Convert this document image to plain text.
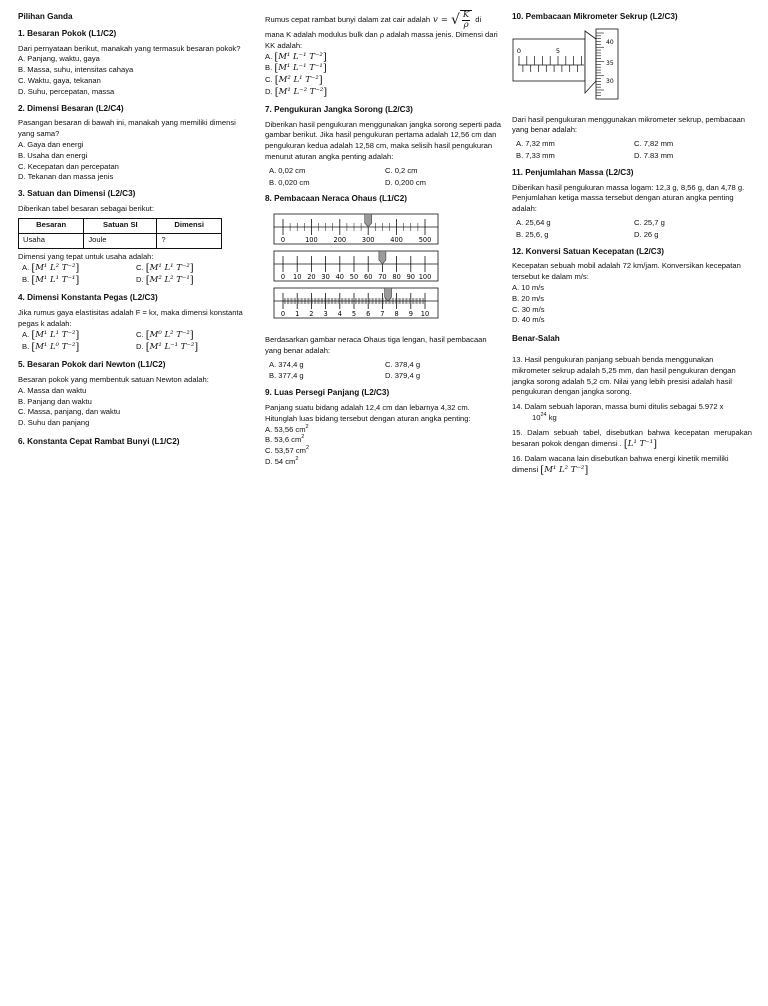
Pilihan Ganda
1. Besaran Pokok (L1/C2)

Dari pernyataan berikut, manakah yang termasuk besaran pokok?

A. Panjang, waktu, gaya
B. Massa, suhu, intensitas cahaya
C. Waktu, gaya, tekanan
D. Suhu, percepatan, massa
2. Dimensi Besaran (L2/C4)

Pasangan besaran di bawah ini, manakah yang memiliki dimensi yang sama?

A. Gaya dan energi
B. Usaha dan energi
C. Kecepatan dan percepatan
D. Tekanan dan massa jenis
3. Satuan dan Dimensi (L2/C3)

Diberikan tabel besaran sebagai berikut:

Besaran	Satuan SI	Dimensi
Usaha	Joule	?

Dimensi yang tepat untuk usaha adalah:

A. [M¹ L² T⁻²]	C. [M¹ L¹ T⁻²]
B. [M¹ L¹ T⁻¹]	D. [M² L² T⁻¹]
4. Dimensi Konstanta Pegas (L2/C3)

Jika rumus gaya elastisitas adalah F = kx, maka dimensi konstanta pegas k adalah:

A. [M¹ L¹ T⁻²]	C. [M⁰ L² T⁻²]
B. [M¹ L⁰ T⁻²]	D. [M¹ L⁻¹ T⁻²]
5. Besaran Pokok dari Newton (L1/C2)

Besaran pokok yang membentuk satuan Newton adalah:

A. Massa dan waktu
B. Panjang dan waktu
C. Massa, panjang, dan waktu
D. Suhu dan panjang
6. Konstanta Cepat Rambat Bunyi (L1/C2)
Rumus cepat rambat bunyi dalam zat cair adalah v = √ K
ρ
di

mana K adalah modulus bulk dan ρ adalah massa jenis. Dimensi dari KK adalah:

A. [M¹ L⁻¹ T⁻²]
B. [M¹ L⁻¹ T⁻¹]
C. [M² L¹ T⁻²]
D. [M¹ L⁻² T⁻²]
7. Pengukuran Jangka Sorong (L2/C3)

Diberikan hasil pengukuran menggunakan jangka sorong seperti pada gambar berikut. Jika hasil pengukuran pertama adalah 12,56 cm dan pengukuran kedua adalah 12,58 cm, maka selisih hasil pengukuran menurut aturan angka penting adalah:

A. 0,02 cm	C. 0,2 cm
B. 0,020 cm	D. 0,200 cm
8. Pembacaan Neraca Ohaus (L1/C2)
0	100 200 300 400 500
0 10 20 30 40 50 60 70 80 90 100
0 1 2 3 4 5 6 7 8 9 10

Berdasarkan gambar neraca Ohaus tiga lengan, hasil pembacaan yang benar adalah:

A. 374,4 g	C. 378,4 g
B. 377,4 g	D. 379,4 g
9. Luas Persegi Panjang (L2/C3)

Panjang suatu bidang adalah 12,4 cm dan lebarnya 4,32 cm. Hitunglah luas bidang tersebut dengan aturan angka penting:

A. 53,56 $cm^2$
B. 53,6 $cm^2$
C. 53,57 $cm^2$
D. 54 $cm^2$
10. Pembacaan Mikrometer Sekrup (L2/C3)
0	5
40
35
30

Dari hasil pengukuran menggunakan mikrometer sekrup, pembacaan yang benar adalah:

A. 7,32 mm	C. 7,82 mm
B. 7,33 mm	D. 7.83 mm
11. Penjumlahan Massa (L2/C3)

Diberikan hasil pengukuran massa logam: 12,3 g, 8,56 g, dan 4,78 g. Penjumlahan ketiga massa tersebut dengan aturan angka penting adalah:

A. 25,64 g	C. 25,7 g
B. 25,6, g	D. 26 g
12. Konversi Satuan Kecepatan (L2/C3)

Kecepatan sebuah mobil adalah 72 km/jam. Konversikan kecepatan tersebut ke dalam m/s:

A. 10 m/s
B. 20 m/s
C. 30 m/s
D. 40 m/s
Benar-Salah

13. Hasil pengukuran panjang sebuah benda menggunakan mikrometer sekrup adalah 5,25 mm, dan hasil pengukuran dengan jangka sorong adalah 5,2 cm. Nilai yang lebih presisi adalah hasil pengukuran dengan jangka sorong.

14. Dalam sebuah laporan, massa bumi ditulis sebagai 5.972 x
$10^{24}$ kg

15. Dalam sebuah tabel, disebutkan bahwa kecepatan merupakan besaran pokok dengan dimensi . [L¹ T⁻¹]

16. Dalam wacana lain disebutkan bahwa energi kinetik memiliki dimensi [M¹ L² T⁻²]
